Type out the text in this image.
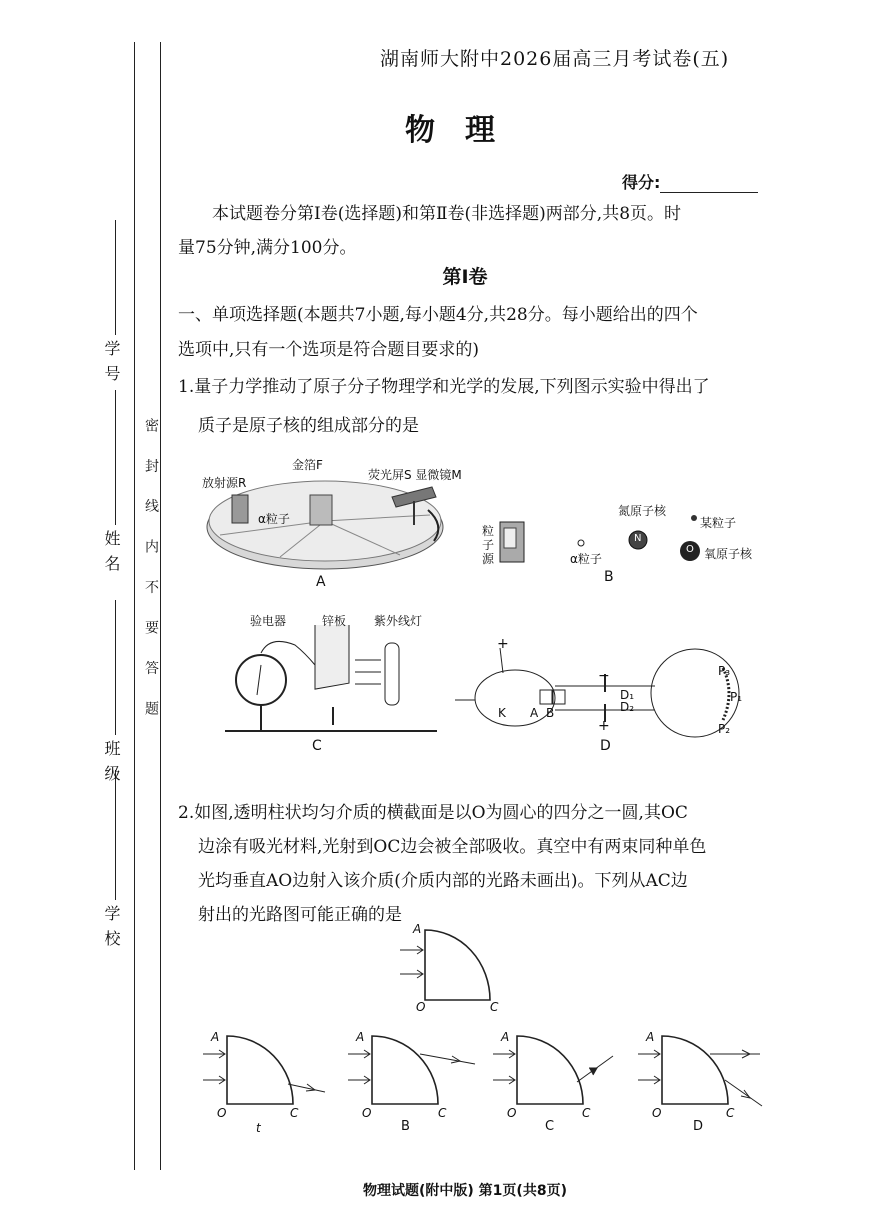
学 校
班 级
姓 名
学 号
密 封 线 内 不 要 答 题
湖南师大附中2026届高三月考试卷(五)
物理
得分:
本试题卷分第Ⅰ卷(选择题)和第Ⅱ卷(非选择题)两部分,共8页。时
量75分钟,满分100分。
第Ⅰ卷
一、单项选择题(本题共7小题,每小题4分,共28分。每小题给出的四个
选项中,只有一个选项是符合题目要求的)
1.量子力学推动了原子分子物理学和光学的发展,下列图示实验中得出了
质子是原子核的组成部分的是
放射源R
金箔F
荧光屏S 显微镜M
α粒子
A
粒
子
源	α粒子
氮原子核
某粒子
氧原子核
N
O
B
验电器	锌板 紫外线灯
C
+
−
+
K A B
D₁
D₂
P₃
P₁
P₂
D
2.如图,透明柱状均匀介质的横截面是以O为圆心的四分之一圆,其OC
边涂有吸光材料,光射到OC边会被全部吸收。真空中有两束同种单色
光均垂直AO边射入该介质(介质内部的光路未画出)。下列从AC边
射出的光路图可能正确的是
A
O	C
A
O	C
t
A
O	C
B
A
O	C
C
A
O	C
D
物理试题(附中版) 第1页(共8页)
